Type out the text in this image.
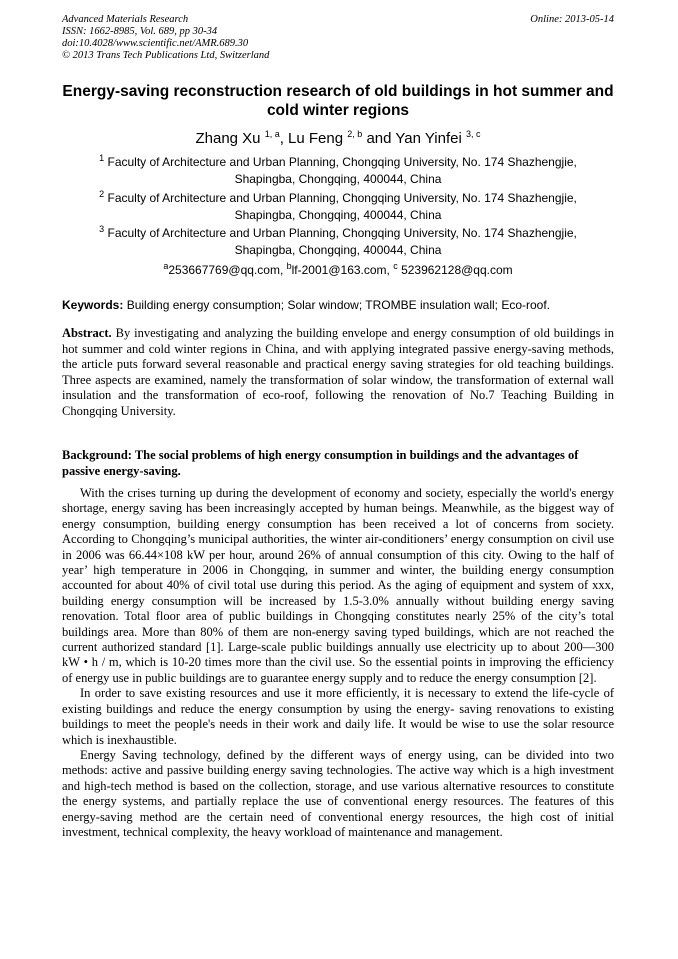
Advanced Materials Research
ISSN: 1662-8985, Vol. 689, pp 30-34
doi:10.4028/www.scientific.net/AMR.689.30
© 2013 Trans Tech Publications Ltd, Switzerland
Online: 2013-05-14
Energy-saving reconstruction research of old buildings in hot summer and cold winter regions
Zhang Xu $^{1, a}$, Lu Feng $^{2, b}$ and Yan Yinfei $^{3, c}$
$^1$ Faculty of Architecture and Urban Planning, Chongqing University, No. 174 Shazhengjie, Shapingba, Chongqing, 400044, China
$^2$ Faculty of Architecture and Urban Planning, Chongqing University, No. 174 Shazhengjie, Shapingba, Chongqing, 400044, China
$^3$ Faculty of Architecture and Urban Planning, Chongqing University, No. 174 Shazhengjie, Shapingba, Chongqing, 400044, China
$^a$253667769@qq.com, $^b$lf-2001@163.com, $^c$ 523962128@qq.com
Keywords: Building energy consumption; Solar window; TROMBE insulation wall; Eco-roof.
Abstract. By investigating and analyzing the building envelope and energy consumption of old buildings in hot summer and cold winter regions in China, and with applying integrated passive energy-saving methods, the article puts forward several reasonable and practical energy saving strategies for old teaching buildings. Three aspects are examined, namely the transformation of solar window, the transformation of external wall insulation and the transformation of eco-roof, following the renovation of No.7 Teaching Building in Chongqing University.
Background: The social problems of high energy consumption in buildings and the advantages of passive energy-saving.

With the crises turning up during the development of economy and society, especially the world's energy shortage, energy saving has been increasingly accepted by human beings. Meanwhile, as the biggest way of energy consumption, building energy consumption has been received a lot of concerns from society. According to Chongqing’s municipal authorities, the winter air-conditioners’ energy consumption on civil use in 2006 was 66.44×108 kW per hour, around 26% of annual consumption of this city. Owing to the half of year’ high temperature in 2006 in Chongqing, in summer and winter, the building energy consumption accounted for about 40% of civil total use during this period. As the aging of equipment and system of xxx, building energy consumption will be increased by 1.5-3.0% annually without building energy saving renovation. Total floor area of public buildings in Chongqing constitutes nearly 25% of the city’s total buildings area. More than 80% of them are non-energy saving typed buildings, which are not reached the current authorized standard [1]. Large-scale public buildings annually use electricity up to about 200—300 kW • h / m, which is 10-20 times more than the civil use. So the essential points in improving the efficiency of energy use in public buildings are to guarantee energy supply and to reduce the energy consumption [2].

In order to save existing resources and use it more efficiently, it is necessary to extend the life-cycle of existing buildings and reduce the energy consumption by using the energy- saving renovations to existing buildings to meet the people's needs in their work and daily life. It would be wise to use the solar resource which is inexhaustible.

Energy Saving technology, defined by the different ways of energy using, can be divided into two methods: active and passive building energy saving technologies. The active way which is a high investment and high-tech method is based on the collection, storage, and use various alternative resources to constitute the energy systems, and partially replace the use of conventional energy resources. The features of this energy-saving method are the certain need of conventional energy resources, the high cost of initial investment, technical complexity, the heavy workload of maintenance and management.
